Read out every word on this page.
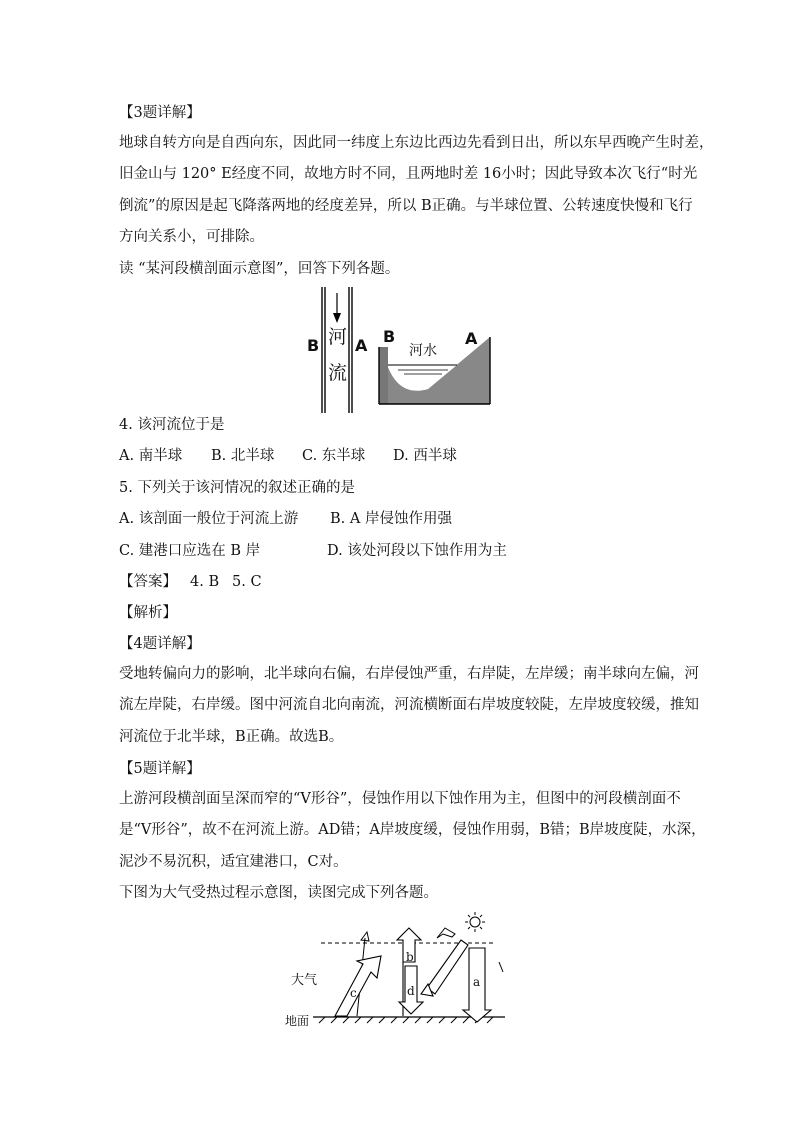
【3题详解】
地球自转方向是自西向东，因此同一纬度上东边比西边先看到日出，所以东早西晚产生时差，
旧金山与 120° E经度不同，故地方时不同，且两地时差 16小时；因此导致本次飞行“时光
倒流”的原因是起飞降落两地的经度差异，所以 B正确。与半球位置、公转速度快慢和飞行
方向关系小，可排除。
读 “某河段横剖面示意图”，回答下列各题。
B A
河
流
B	A
河水
4. 该河流位于是
A. 南半球 B. 北半球 C. 东半球 D. 西半球
5. 下列关于该河情况的叙述正确的是
A. 该剖面一般位于河流上游 B. A 岸侵蚀作用强
C. 建港口应选在 B 岸	D. 该处河段以下蚀作用为主
【答案】 4. B 5. C
【解析】
【4题详解】
受地转偏向力的影响，北半球向右偏，右岸侵蚀严重，右岸陡，左岸缓；南半球向左偏，河
流左岸陡，右岸缓。图中河流自北向南流，河流横断面右岸坡度较陡，左岸坡度较缓，推知
河流位于北半球，B正确。故选B。
【5题详解】
上游河段横剖面呈深而窄的“V形谷”，侵蚀作用以下蚀作用为主，但图中的河段横剖面不
是“V形谷”，故不在河流上游。AD错；A岸坡度缓，侵蚀作用弱，B错；B岸坡度陡，水深，
泥沙不易沉积，适宜建港口，C对。
下图为大气受热过程示意图，读图完成下列各题。
大气
地面
a
b
c	d
